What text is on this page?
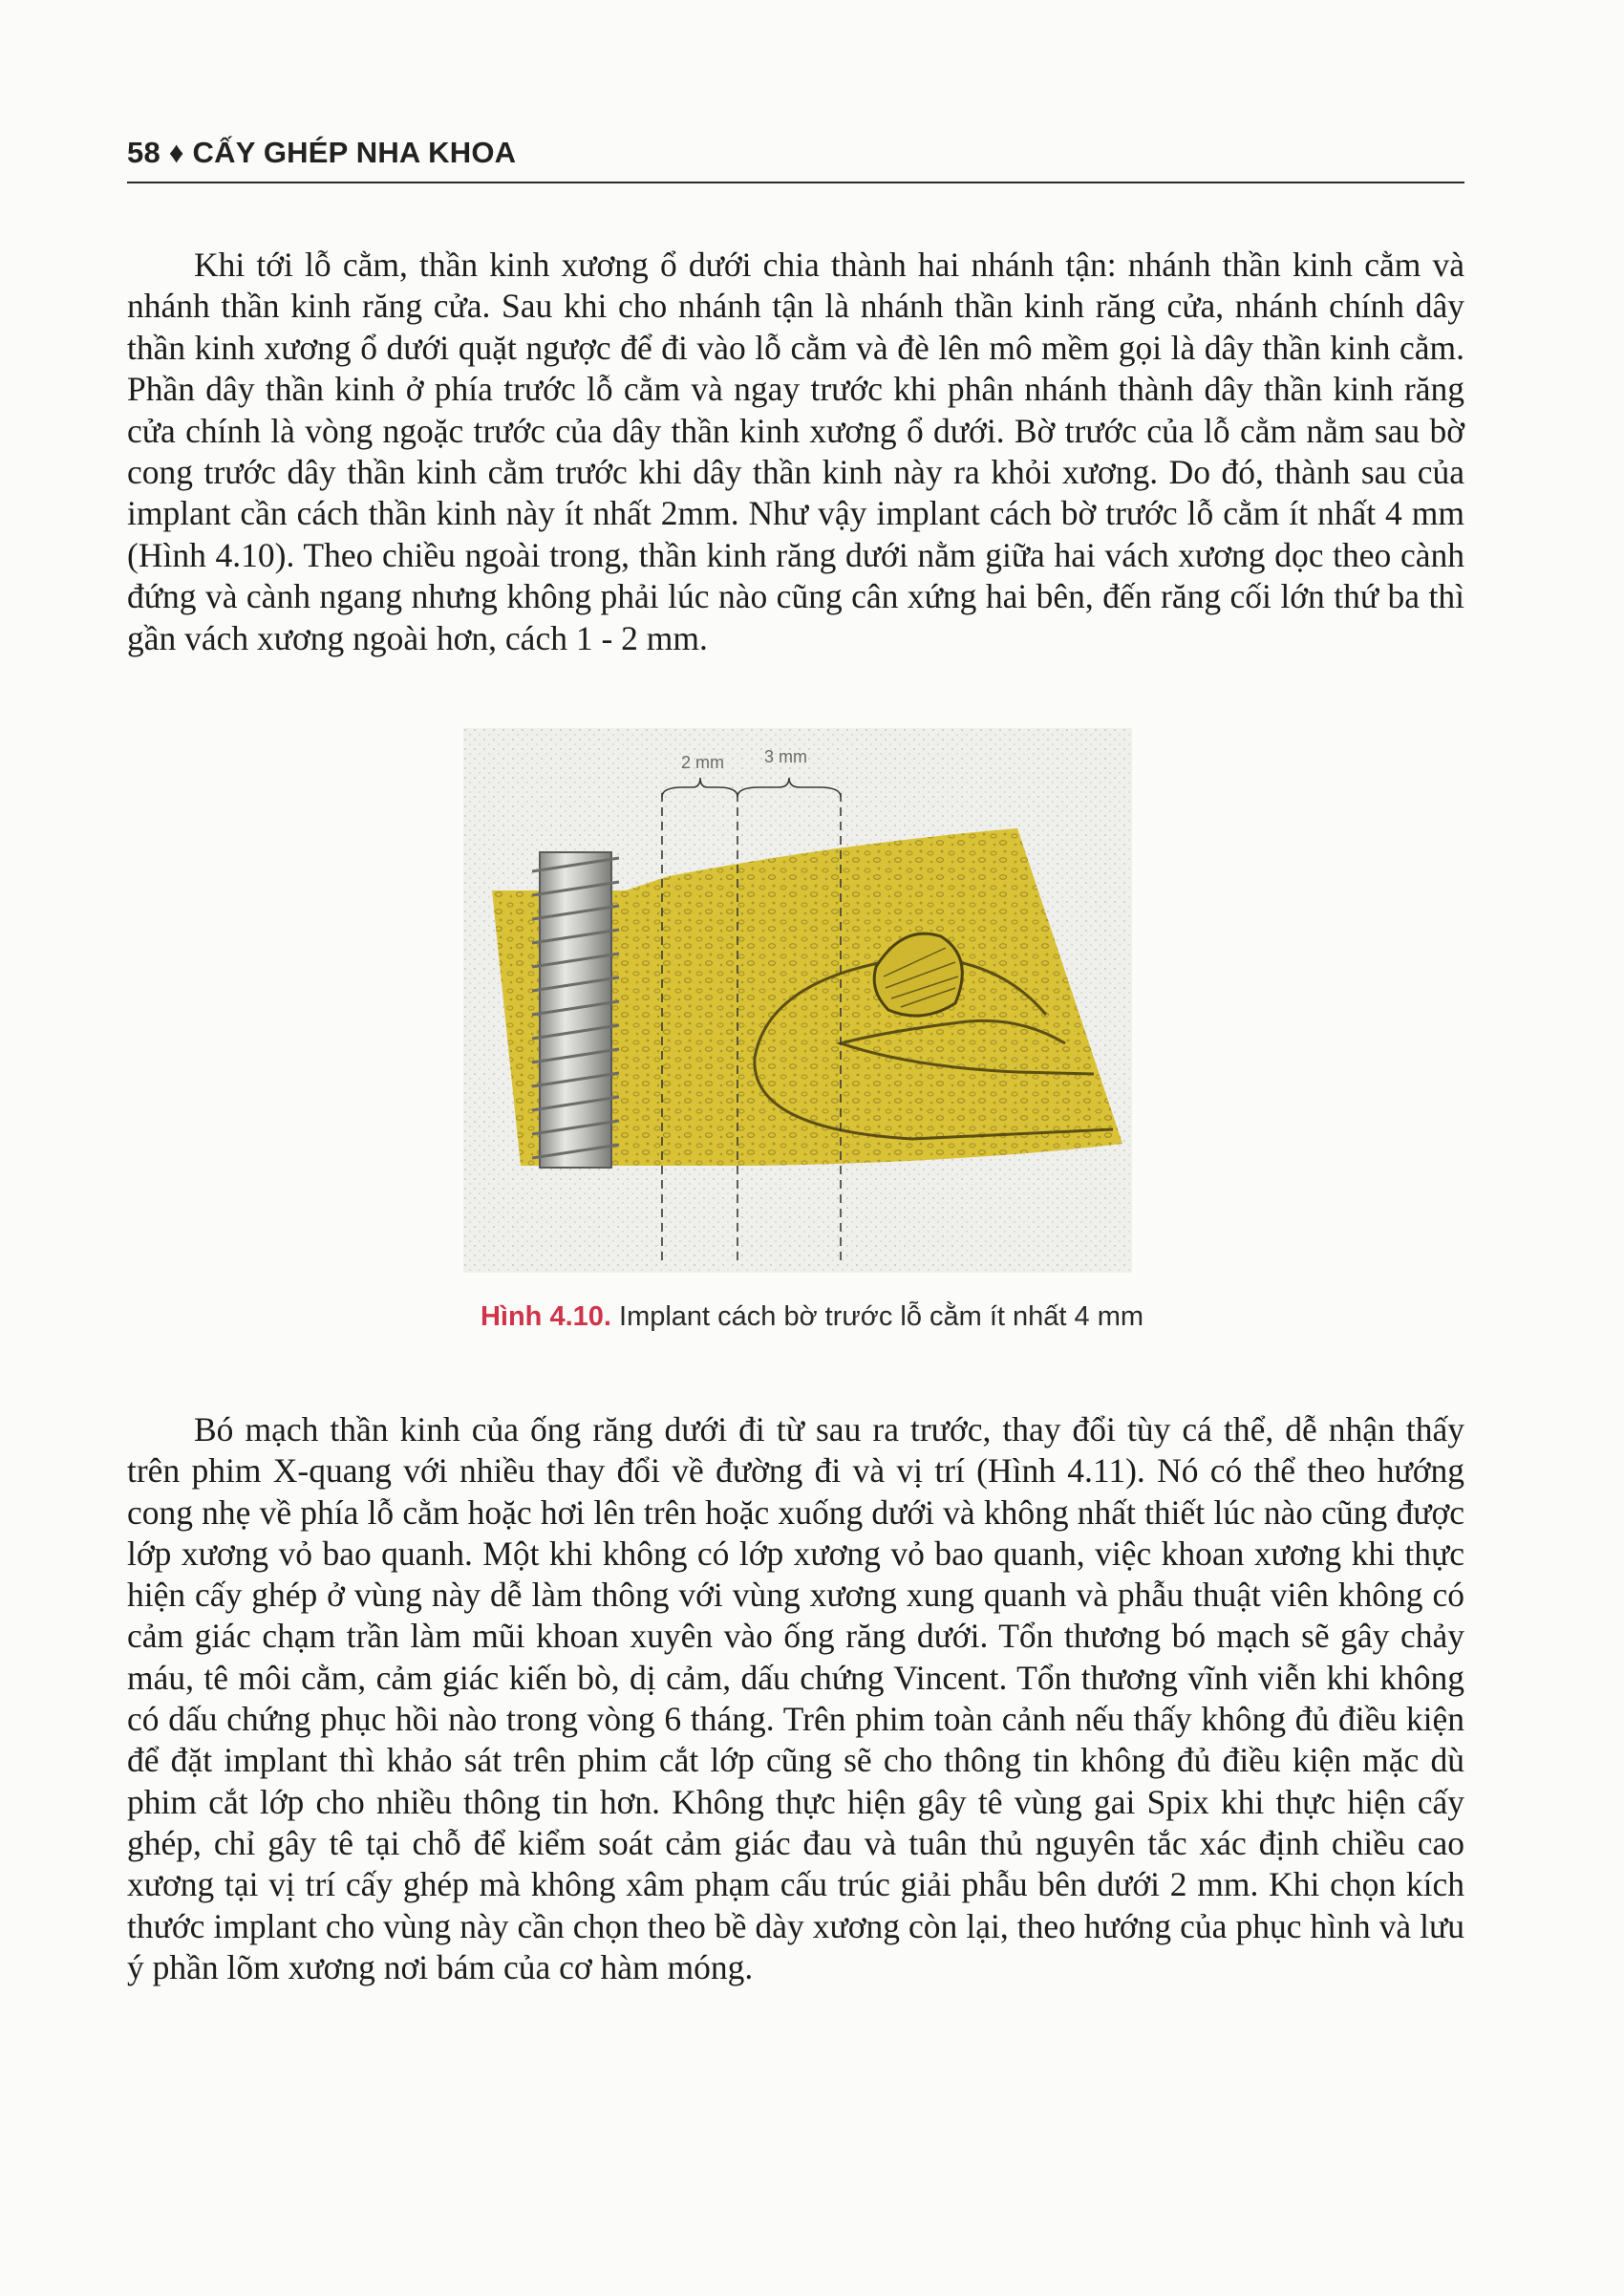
58 ♦ CẤY GHÉP NHA KHOA

Khi tới lỗ cằm, thần kinh xương ổ dưới chia thành hai nhánh tận: nhánh thần kinh cằm và nhánh thần kinh răng cửa. Sau khi cho nhánh tận là nhánh thần kinh răng cửa, nhánh chính dây thần kinh xương ổ dưới quặt ngược để đi vào lỗ cằm và đè lên mô mềm gọi là dây thần kinh cằm. Phần dây thần kinh ở phía trước lỗ cằm và ngay trước khi phân nhánh thành dây thần kinh răng cửa chính là vòng ngoặc trước của dây thần kinh xương ổ dưới. Bờ trước của lỗ cằm nằm sau bờ cong trước dây thần kinh cằm trước khi dây thần kinh này ra khỏi xương. Do đó, thành sau của implant cần cách thần kinh này ít nhất 2mm. Như vậy implant cách bờ trước lỗ cằm ít nhất 4 mm (Hình 4.10). Theo chiều ngoài trong, thần kinh răng dưới nằm giữa hai vách xương dọc theo cành đứng và cành ngang nhưng không phải lúc nào cũng cân xứng hai bên, đến răng cối lớn thứ ba thì gần vách xương ngoài hơn, cách 1 - 2 mm.

2 mm 3 mm
Hình 4.10. Implant cách bờ trước lỗ cằm ít nhất 4 mm

Bó mạch thần kinh của ống răng dưới đi từ sau ra trước, thay đổi tùy cá thể, dễ nhận thấy trên phim X-quang với nhiều thay đổi về đường đi và vị trí (Hình 4.11). Nó có thể theo hướng cong nhẹ về phía lỗ cằm hoặc hơi lên trên hoặc xuống dưới và không nhất thiết lúc nào cũng được lớp xương vỏ bao quanh. Một khi không có lớp xương vỏ bao quanh, việc khoan xương khi thực hiện cấy ghép ở vùng này dễ làm thông với vùng xương xung quanh và phẫu thuật viên không có cảm giác chạm trần làm mũi khoan xuyên vào ống răng dưới. Tổn thương bó mạch sẽ gây chảy máu, tê môi cằm, cảm giác kiến bò, dị cảm, dấu chứng Vincent. Tổn thương vĩnh viễn khi không có dấu chứng phục hồi nào trong vòng 6 tháng. Trên phim toàn cảnh nếu thấy không đủ điều kiện để đặt implant thì khảo sát trên phim cắt lớp cũng sẽ cho thông tin không đủ điều kiện mặc dù phim cắt lớp cho nhiều thông tin hơn. Không thực hiện gây tê vùng gai Spix khi thực hiện cấy ghép, chỉ gây tê tại chỗ để kiểm soát cảm giác đau và tuân thủ nguyên tắc xác định chiều cao xương tại vị trí cấy ghép mà không xâm phạm cấu trúc giải phẫu bên dưới 2 mm. Khi chọn kích thước implant cho vùng này cần chọn theo bề dày xương còn lại, theo hướng của phục hình và lưu ý phần lõm xương nơi bám của cơ hàm móng.
